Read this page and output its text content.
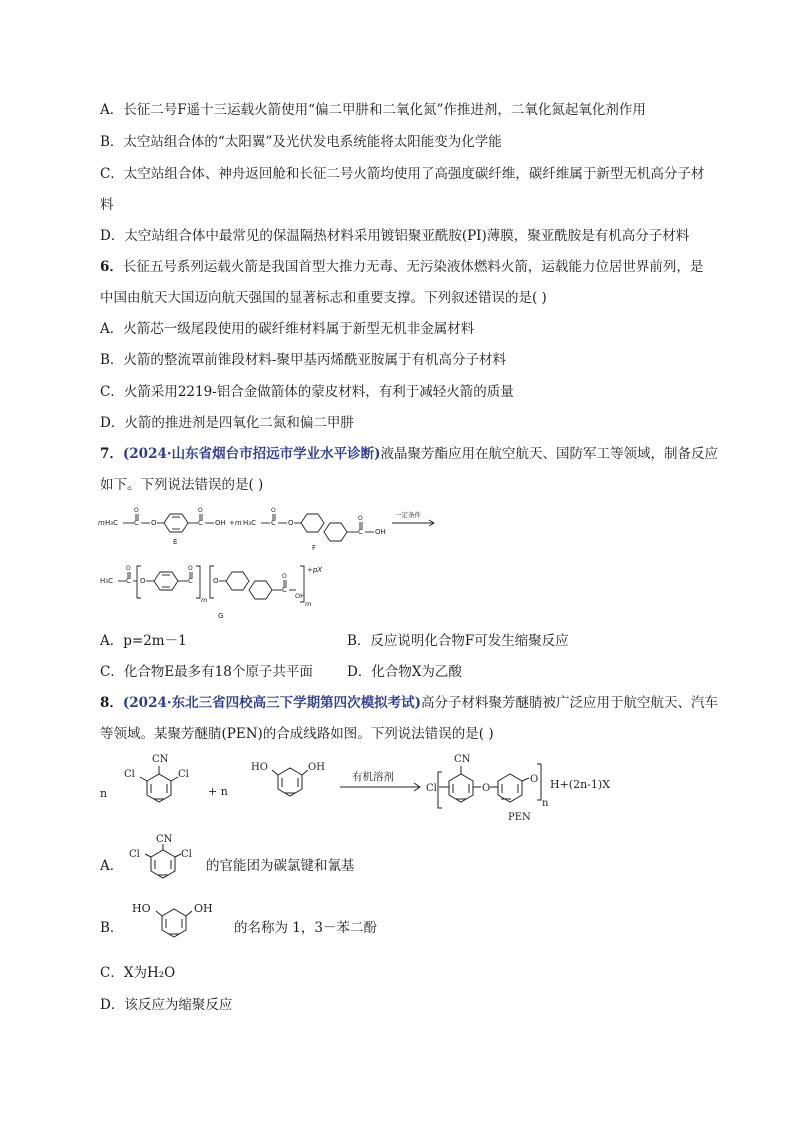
A．长征二号F遥十三运载火箭使用“偏二甲肼和二氧化氮”作推进剂，二氧化氮起氧化剂作用
B．太空站组合体的“太阳翼”及光伏发电系统能将太阳能变为化学能
C．太空站组合体、神舟返回舱和长征二号火箭均使用了高强度碳纤维，碳纤维属于新型无机高分子材
料
D．太空站组合体中最常见的保温隔热材料采用镀铝聚亚酰胺(PI)薄膜，聚亚酰胺是有机高分子材料
6．长征五号系列运载火箭是我国首型大推力无毒、无污染液体燃料火箭，运载能力位居世界前列，是
中国由航天大国迈向航天强国的显著标志和重要支撑。下列叙述错误的是( )
A．火箭芯一级尾段使用的碳纤维材料属于新型无机非金属材料
B．火箭的整流罩前锥段材料-聚甲基丙烯酰亚胺属于有机高分子材料
C．火箭采用2219-铝合金做箭体的蒙皮材料，有利于减轻火箭的质量
D．火箭的推进剂是四氧化二氮和偏二甲肼
7．(2024·山东省烟台市招远市学业水平诊断)液晶聚芳酯应用在航空航天、国防军工等领域，制备反应
如下。下列说法错误的是( )
m H₃C
O
C O	C
O
OH
E
+m H₃C C
O
O
C
O
OH
F
一定条件
H₃C C
O
O	C
O
m
O
C
O
OH
m
+pX
G
A．p=2m－1	B．反应说明化合物F可发生缩聚反应
C．化合物E最多有18个原子共平面	D．化合物X为乙酸
8．(2024·东北三省四校高三下学期第四次模拟考试)高分子材料聚芳醚腈被广泛应用于航空航天、汽车
等领域。某聚芳醚腈(PEN)的合成线路如图。下列说法错误的是( )
n
CN
Cl	Cl
+ n
HO	OH
有机溶剂
Cl
CN
O
O
n
H+(2n-1)X
PEN
A．
CN
Cl	Cl
的官能团为碳氯键和氰基
B．
HO	OH
的名称为 1，3－苯二酚
C．X为H₂O
D．该反应为缩聚反应
